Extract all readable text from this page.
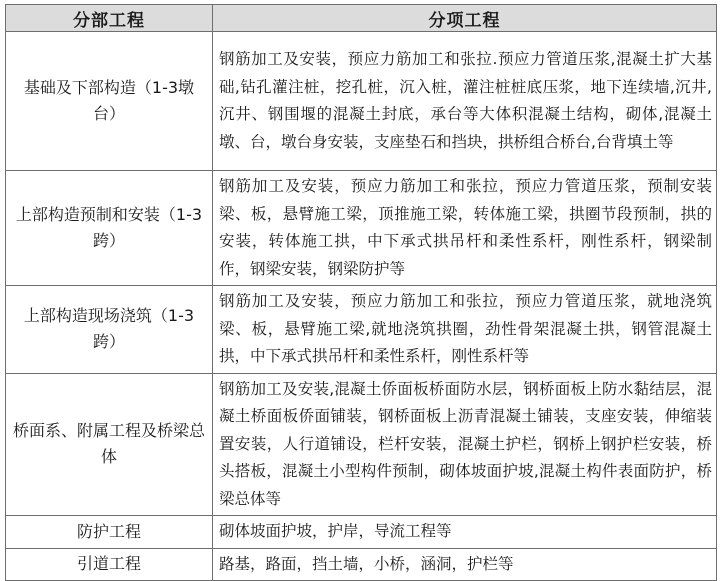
分部工程	分项工程
基础及下部构造（1-3墩台）	钢筋加工及安装，预应力筋加工和张拉.预应力管道压浆,混凝土扩大基础,钻孔灌注桩，挖孔桩，沉入桩，灌注桩桩底压浆，地下连续墙,沉井,沉井、钢围堰的混凝土封底，承台等大体积混凝土结构，砌体,混凝土墩、台，墩台身安装，支座垫石和挡块，拱桥组合桥台,台背填土等
上部构造预制和安装（1-3跨）	钢筋加工及安装，预应力筋加工和张拉，预应力管道压浆，预制安装梁、板，悬臂施工梁，顶推施工梁，转体施工梁，拱圈节段预制，拱的安装，转体施工拱，中下承式拱吊杆和柔性系杆，刚性系杆，钢梁制作，钢梁安装，钢梁防护等
上部构造现场浇筑（1-3跨）	钢筋加工及安装，预应力筋加工和张拉，预应力管道压浆，就地浇筑梁、板，悬臂施工梁,就地浇筑拱圈，劲性骨架混凝土拱，钢管混凝土拱，中下承式拱吊杆和柔性系杆，刚性系杆等
桥面系、附属工程及桥梁总体	钢筋加工及安装,混凝土侨面板桥面防水层，钢桥面板上防水黏结层，混凝土桥面板侨面铺装，钢桥面板上沥青混凝土铺装，支座安装，伸缩装置安装，人行道铺设，栏杆安装，混凝土护栏，钢桥上钢护栏安装，桥头搭板，混凝土小型构件预制，砌体坡面护坡,混凝土构件表面防护，桥梁总体等
防护工程	砌体坡面护坡，护岸，导流工程等
引道工程	路基，路面，挡土墙，小桥，涵洞，护栏等
